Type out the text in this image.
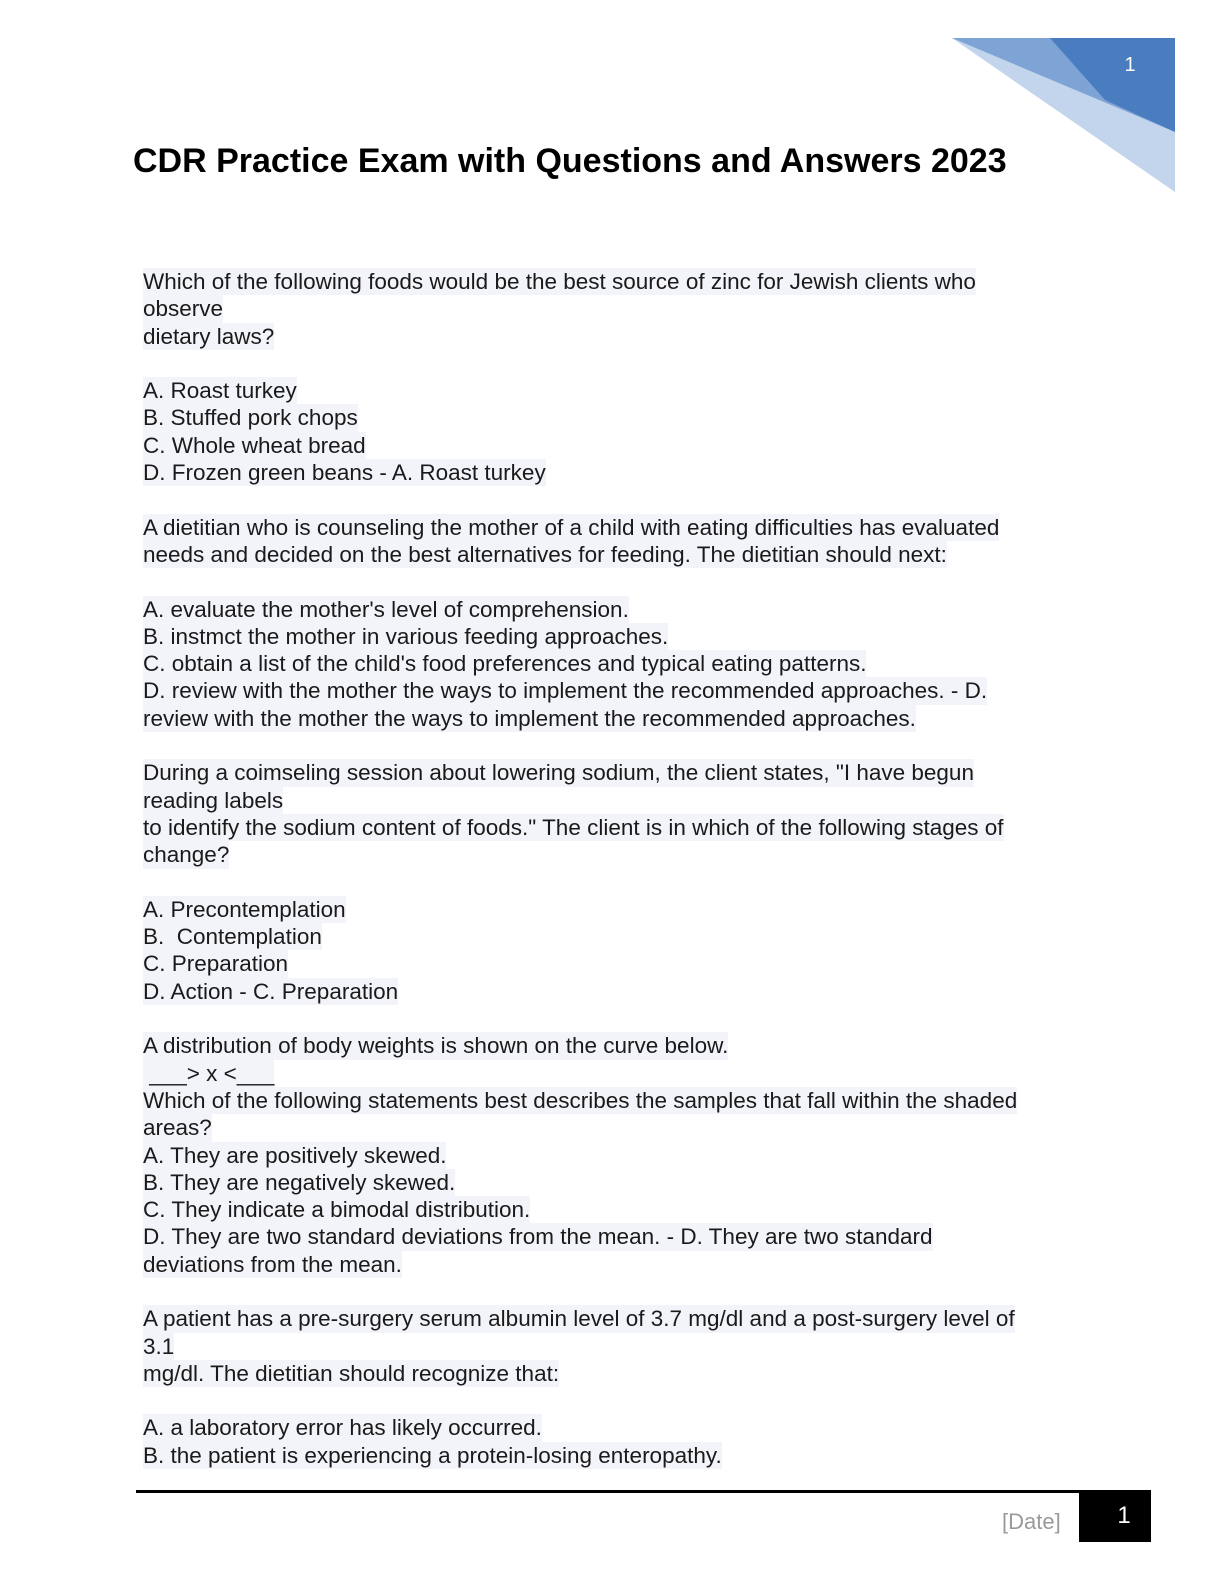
1
CDR Practice Exam with Questions and Answers 2023
Which of the following foods would be the best source of zinc for Jewish clients who
observe
dietary laws?
A. Roast turkey
B. Stuffed pork chops
C. Whole wheat bread
D. Frozen green beans - A. Roast turkey
A dietitian who is counseling the mother of a child with eating difficulties has evaluated
needs and decided on the best alternatives for feeding. The dietitian should next:
A. evaluate the mother's level of comprehension.
B. instmct the mother in various feeding approaches.
C. obtain a list of the child's food preferences and typical eating patterns.
D. review with the mother the ways to implement the recommended approaches. - D.
review with the mother the ways to implement the recommended approaches.
During a coimseling session about lowering sodium, the client states, "I have begun
reading labels
to identify the sodium content of foods." The client is in which of the following stages of
change?
A. Precontemplation
B.  Contemplation
C. Preparation
D. Action - C. Preparation
A distribution of body weights is shown on the curve below.
___> x <___
Which of the following statements best describes the samples that fall within the shaded
areas?
A. They are positively skewed.
B. They are negatively skewed.
C. They indicate a bimodal distribution.
D. They are two standard deviations from the mean. - D. They are two standard
deviations from the mean.
A patient has a pre-surgery serum albumin level of 3.7 mg/dl and a post-surgery level of
3.1
mg/dl. The dietitian should recognize that:
A. a laboratory error has likely occurred.
B. the patient is experiencing a protein-losing enteropathy.
[Date]	1
